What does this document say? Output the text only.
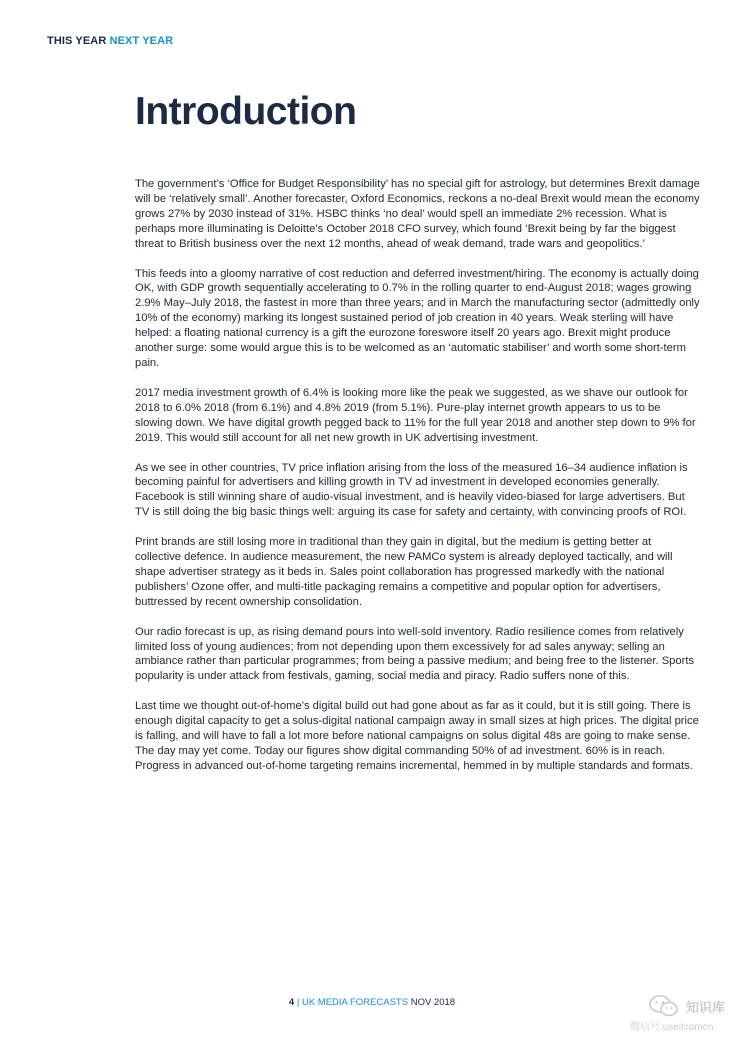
THIS YEAR NEXT YEAR
Introduction

The government’s ‘Office for Budget Responsibility’ has no special gift for astrology, but determines Brexit damage will be ‘relatively small’. Another forecaster, Oxford Economics, reckons a no-deal Brexit would mean the economy grows 27% by 2030 instead of 31%. HSBC thinks ‘no deal’ would spell an immediate 2% recession. What is perhaps more illuminating is Deloitte’s October 2018 CFO survey, which found ‘Brexit being by far the biggest threat to British business over the next 12 months, ahead of weak demand, trade wars and geopolitics.’

This feeds into a gloomy narrative of cost reduction and deferred investment/hiring. The economy is actually doing OK, with GDP growth sequentially accelerating to 0.7% in the rolling quarter to end-August 2018; wages growing 2.9% May–July 2018, the fastest in more than three years; and in March the manufacturing sector (admittedly only 10% of the economy) marking its longest sustained period of job creation in 40 years. Weak sterling will have helped: a floating national currency is a gift the eurozone foreswore itself 20 years ago. Brexit might produce another surge: some would argue this is to be welcomed as an ‘automatic stabiliser’ and worth some short-term pain.

2017 media investment growth of 6.4% is looking more like the peak we suggested, as we shave our outlook for 2018 to 6.0% 2018 (from 6.1%) and 4.8% 2019 (from 5.1%). Pure-play internet growth appears to us to be slowing down. We have digital growth pegged back to 11% for the full year 2018 and another step down to 9% for 2019. This would still account for all net new growth in UK advertising investment.

As we see in other countries, TV price inflation arising from the loss of the measured 16–34 audience inflation is becoming painful for advertisers and killing growth in TV ad investment in developed economies generally. Facebook is still winning share of audio-visual investment, and is heavily video-biased for large advertisers. But TV is still doing the big basic things well: arguing its case for safety and certainty, with convincing proofs of ROI.

Print brands are still losing more in traditional than they gain in digital, but the medium is getting better at collective defence. In audience measurement, the new PAMCo system is already deployed tactically, and will shape advertiser strategy as it beds in. Sales point collaboration has progressed markedly with the national publishers’ Ozone offer, and multi-title packaging remains a competitive and popular option for advertisers, buttressed by recent ownership consolidation.

Our radio forecast is up, as rising demand pours into well-sold inventory. Radio resilience comes from relatively limited loss of young audiences; from not depending upon them excessively for ad sales anyway; selling an ambiance rather than particular programmes; from being a passive medium; and being free to the listener. Sports popularity is under attack from festivals, gaming, social media and piracy. Radio suffers none of this.

Last time we thought out-of-home’s digital build out had gone about as far as it could, but it is still going. There is enough digital capacity to get a solus-digital national campaign away in small sizes at high prices. The digital price is falling, and will have to fall a lot more before national campaigns on solus digital 48s are going to make sense. The day may yet come. Today our figures show digital commanding 50% of ad investment. 60% is in reach. Progress in advanced out-of-home targeting remains incremental, hemmed in by multiple standards and formats.

4 | UK MEDIA FORECASTS NOV 2018	知识库
微信号:useitcomcn
